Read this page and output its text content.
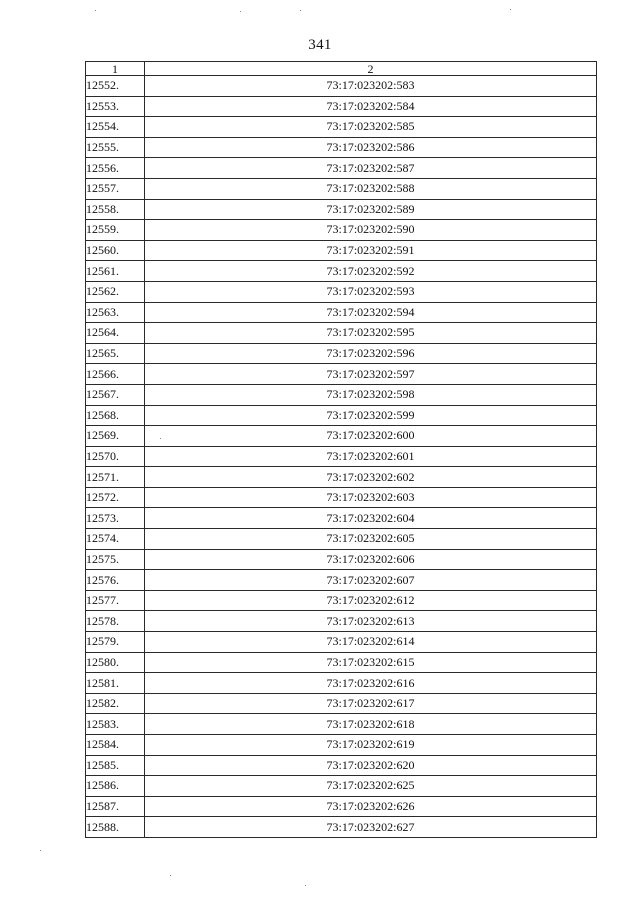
341
1	2
12552.	73:17:023202:583
12553.	73:17:023202:584
12554.	73:17:023202:585
12555.	73:17:023202:586
12556.	73:17:023202:587
12557.	73:17:023202:588
12558.	73:17:023202:589
12559.	73:17:023202:590
12560.	73:17:023202:591
12561.	73:17:023202:592
12562.	73:17:023202:593
12563.	73:17:023202:594
12564.	73:17:023202:595
12565.	73:17:023202:596
12566.	73:17:023202:597
12567.	73:17:023202:598
12568.	73:17:023202:599
12569.	73:17:023202:600
12570.	73:17:023202:601
12571.	73:17:023202:602
12572.	73:17:023202:603
12573.	73:17:023202:604
12574.	73:17:023202:605
12575.	73:17:023202:606
12576.	73:17:023202:607
12577.	73:17:023202:612
12578.	73:17:023202:613
12579.	73:17:023202:614
12580.	73:17:023202:615
12581.	73:17:023202:616
12582.	73:17:023202:617
12583.	73:17:023202:618
12584.	73:17:023202:619
12585.	73:17:023202:620
12586.	73:17:023202:625
12587.	73:17:023202:626
12588.	73:17:023202:627
